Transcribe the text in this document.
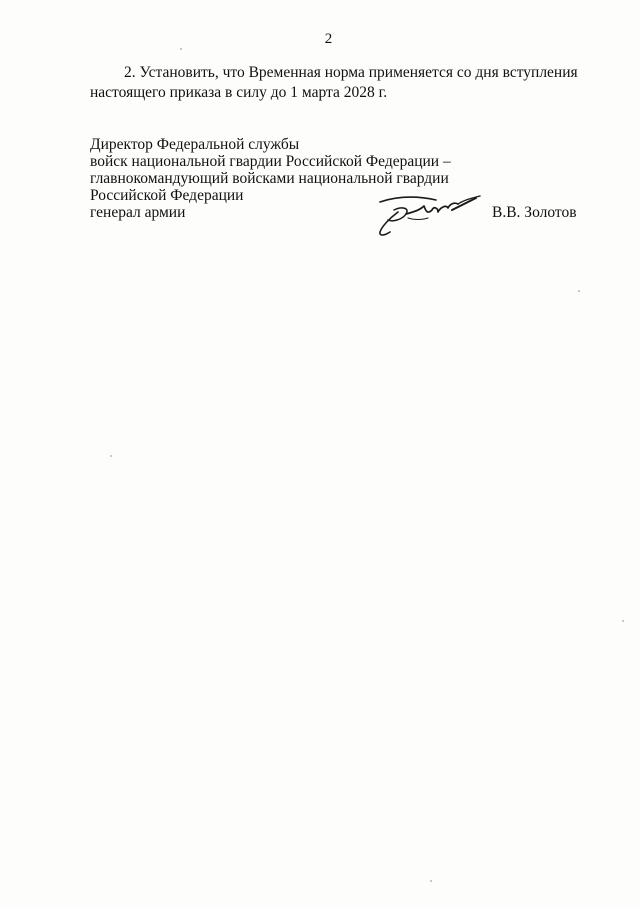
2
2. Установить, что Временная норма применяется со дня вступления
настоящего приказа в силу до 1 марта 2028 г.
Директор Федеральной службы
войск национальной гвардии Российской Федерации –
главнокомандующий войсками национальной гвардии
Российской Федерации
генерал армии	В.В. Золотов
